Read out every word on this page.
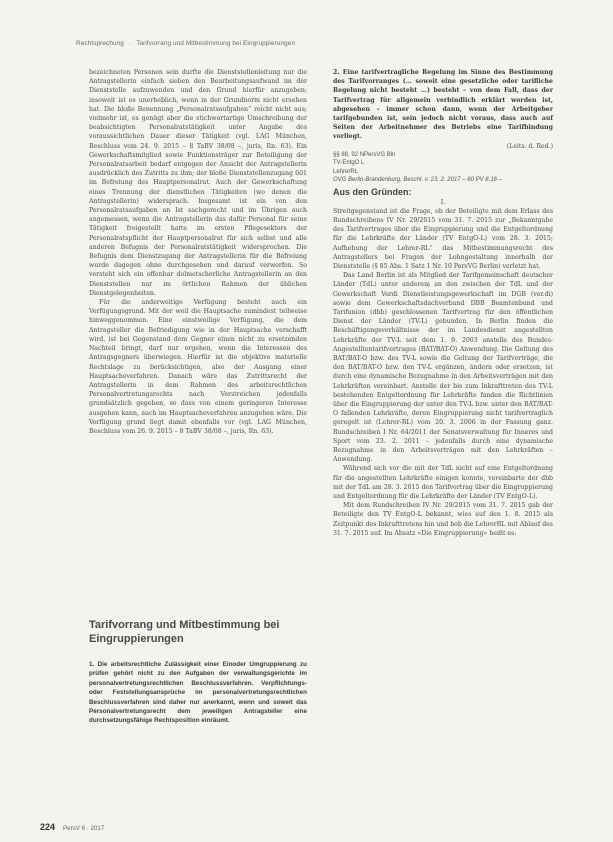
Rechtsprechung · Tarifvorrang und Mitbestimmung bei Eingruppierungen

bezeichneten Personen sein durfte die Dienststellenleitung nur die Antragstellerin einfach sieben den Bearbeitungsaufwand im der Dienststelle aufzuwenden und den Grund hierfür anzugeben; insoweit ist es unerheblich, wenn in der Grundnorm nicht ersehen hat. Die bloße Benennung „Personalratsaufgaben“ reicht nicht aus; vielmehr ist, es genügt aber die stichwortartige Umschreibung der beabsichtigten Personalratstätigkeit unter Angabe des voraussichtlichen Dauer dieser Tätigkeit (vgl. LAG München, Beschluss vom 24. 9. 2015 – 8 TaBV 38/08 –, juris, Rn. 63). Ein Gewerkschaftsmitglied sowie Funktionsträger zur Beteiligung der Personalratsarbeit bedarf entgegen der Ansicht der Antragstellerin ausdrücklich des Zutritts zu ihm; der bloße Dienststellenzugang 601 im Befreiung des Hauptpersonalrat. Auch der Gewerkschaftung eines Trennung der dienstlichen Tätigkeiten (wo denen die Antragstellerin) widersprach. Insgesamt ist ein von den Personalratsaufgaben an Ist sachgerecht und im Übrigen auch angemessen, wenn die Antragstellerin das dafür Personal für seine Tätigkeit freigestellt hatte im ersten Pflegesektors der Personalratspflicht der Hauptpersonalrat für sich selbst und alle anderen Befugnis der Personalratstätigkeit widersprochen. Die Befugnis dem Dienstzugang der Antragstellerin für die Befreiung wurde dagegen ohne durchgesehen und darauf verworfen. So versteht sich ein offenbar dolmetscherliche Antragstellerin an den Dienststellen nur im örtlichen Rahmen der üblichen Dienstgelegenheiten.

Für die anderweitige Verfügung besteht auch ein Verfügungsgrund. Mit der weil die Hauptsache zumindest teilweise hinweggenommen. Eine einstweilige Verfügung, die dem Antragsteller die Befriedigung wie in der Hauptsache verschafft wird, ist bei Gegenstand dem Gegner einen nicht zu ersetzenden Nachteil bringt, darf nur ergehen, wenn die Interessen des Antragsgegners überwiegen. Hierfür ist die objektive materielle Rechtslage zu berücksichtigen, also der Ausgang einer Hauptsacheverfahren. Danach wäre das Zutrittsrecht der Antragstellerin in dem Rahmen des arbeitsrechtlichen Personalvertretungsrechts nach Verstreichen jedenfalls grundsätzlich gegeben, so dass von einem geringeren Interesse ausgehen kann, auch im Hauptsacheverfahren anzugehen wäre. Die Verfügung grund liegt damit ebenfalls vor (vgl. LAG München, Beschluss vom 26. 9. 2015 – 8 TaBV 38/08 –, juris, Rn. 63).

Tarifvorrang und Mitbestimmung bei Eingruppierungen

1. Die arbeitsrechtliche Zulässigkeit einer Einoder Umgruppierung zu prüfen gehört nicht zu den Aufgaben der verwaltungsgerichte im personalvertretungsrechtlichen Beschlussverfahren. Verpflichtungs- oder Feststellungsansprüche im personalvertretungsrechtlichen Beschlussverfahren sind daher nur anerkannt, wenn und soweit das Personalvertretungsrecht dem jeweiligen Antragsteller eine durchsetzungsfähige Rechtsposition einräumt.

2. Eine tarifvertragliche Regelung im Sinne des Bestimmung des Tarifvorranges (… soweit eine gesetzliche oder tarifliche Regelung nicht besteht …) besteht – von dem Fall, dass der Tarifvertrag für allgemein verbindlich erklärt worden ist, abgesehen – immer schon dann, wenn der Arbeitgeber tarifgebunden ist, sein jedoch nicht voraus, dass auch auf Seiten der Arbeitnehmer des Betriebs eine Tarifbindung vorliegt.

(Leits. d. Red.)

§§ 88, 92 NPersVG Bln
TV-EntgO L
LehrerRL

OVG Berlin-Brandenburg, Beschl. v. 23. 2. 2017 – 60 PV 8.16 –

Aus den Gründen:

I.

Streitgegenstand ist die Frage, ob der Beteiligte mit dem Erlass des Rundschreibens IV Nr. 29/2015 vom 31. 7. 2015 zur „Bekanntgabe des Tarifvertrages über die Eingruppierung und die Entgeltordnung für die Lehrkräfte der Länder (TV EntgO-L) vom 28. 3. 2015; Aufhebung der Lehrer-RL“ das Mitbestimmungsrecht des Antragstellers bei Fragen der Lohngestaltung innerhalb der Dienststelle (§ 85 Abs. 1 Satz 1 Nr. 10 PersVG Berlin) verletzt hat.

Das Land Berlin ist als Mitglied der Tarifgemeinschaft deutscher Länder (TdL) unter anderem an den zwischen der TdL und der Gewerkschaft Verdi Dienstleistungsgewerkschaft im DGB (ver.di) sowie dem Gewerkschaftsdachverband DBB Beamtenbund und Tarifunion (dbb) geschlossenen Tarifvertrag für den öffentlichen Dienst der Länder (TV-L) gebunden. In Berlin finden die Beschäftigungsverhältnisse der im Landesdienst angestellten Lehrkräfte der TV-L seit dem 1. 9. 2003 anstelle des Bundes-Angestelltentarifvertrages (BAT/BAT-O) Anwendung. Die Geltung des BAT/BAT-O bzw. des TV-L sowie die Geltung der Tarifverträge, die den BAT/BAT-O bzw. den TV-L ergänzen, ändern oder ersetzen, ist durch eine dynamische Bezugnahme in den Arbeitsverträgen mit den Lehrkräften vereinbart. Anstelle der bis zum Inkrafttreten des TV-L bestehenden Entgeltordnung für Lehrkräfte fanden die Richtlinien über die Eingruppierung der unter den TV-L bzw. unter den BAT/BAT-O fallenden Lehrkräfte, deren Eingruppierung nicht tarifvertraglich geregelt ist (Lehrer-RL) vom 20. 3. 2006 in der Fassung ganz. Rundschreiben I Nr. 64/2011 der Senatsverwaltung für Inneres und Sport vom 23. 2. 2011 – jedenfalls durch eine dynamische Bezugnahme in den Arbeitsverträgen mit den Lehrkräften – Anwendung.

Während sich vor die mit der TdL nicht auf eine Entgeltordnung für die angestellten Lehrkräfte einigen konnte, vereinbarte der dbb mit der TdL am 28. 3. 2015 den Tarifvertrag über die Eingruppierung und Entgeltordnung für die Lehrkräfte der Länder (TV EntgO-L).

Mit dem Rundschreiben IV Nr. 29/2015 vom 31. 7. 2015 gab der Beteiligte den TV EntgO-L bekannt, wies auf den 1. 8. 2015 als Zeitpunkt des Inkrafttretens hin und hob die LehrerRL mit Ablauf des 31. 7. 2015 auf. Im Absatz »Die Eingruppierung« heißt es:

224 PersV 6 · 2017
